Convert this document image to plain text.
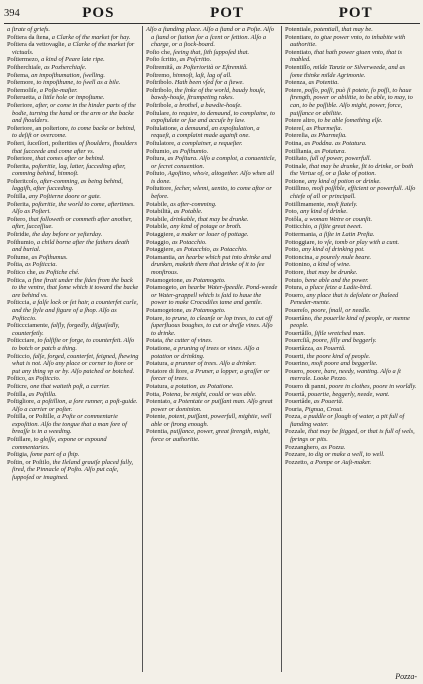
394	POS	POT	POT

a ſtrate of griefs.

Poſtiera da ſtena, a Clarke of the market for hay.

Poſtiera da vettovaglie, a Clarke of the market for victuals.

Poſtiermezo, a kind of Peare late ripe.

Poſtherchiaſe, as Pozherchiaſe.

Poſtema, an impoſthumation, ſwelling.

Poſtemore, to impoſthume, to ſwell as a bile.

Poſtemoſiſe, a Poſte-maſter.

Poſteruetta, a little hole or impoſtume.

Poſteriore, after, or come in the hinder parts of the bodie, turning the hand or the arm or the backe and ſhoulders.

Poſteriore, an poſteriore, to come backe or behind, to deſiſt or overcome.

Poſteri, ſuceſſori, poſterities of ſhoulders, ſhoulders that ſucceede and come after vs.

Poſteriore, that comes after or behind.

Poſterita, poſteritie, lag, latter, ſucceding after, comming behind, hinmoſt.

Poſteritcoſo, after-comming, as being behind, laggiſh, after ſucceding.

Poſtilla, any Poſtierne doore or gate.

Poſterita, poſteritie, the world to come, aftertimes. Alſo as Poſteri.

Poſtero, that followeth or commeth after another, after, ſucceſſiue.

Poſtridie, the day before or yeſterday.

Poſthumio, a child borne after the fathers death and burial.

Poſtume, as Poſthumus.

Poſtia, as Poſticcia.

Poſtico che, as Poſtiche ché.

Poſtica, a fine ſtrait under the ſides from the back to the ventre, that ſome which it toward the backe are behind vs.

Poſticcia, a falſe lock or ſet hair, a counterfet curle, and the ſtyle and figure of a ſhop. Alſo as Poſticcio.

Poſticcciamente, falſly, forgedly, diſguiſedly, counterfetly.

Poſticciare, to falſifie or forge, to counterfeit. Alſo to botch or patch a thing.

Poſticcio, falſe, forged, counterfet, feigned, ſhewing what is not. Alſo any place or corner to ſtore or put any thing vp or by. Alſo patched or botched.

Poſtico, as Poſticcio.

Poſticre, one that waiteth poſt, a carrier.

Poſtilla, as Poſtilla.

Poſtigliore, a poſtillion, a ſore runner, a poſt-guide. Alſo a carrier or poſter.

Poſtilla, or Poſtille, a Poſte or commentarie expoſition. Alſo the tongue that a man ſore of breaſſe is in a weeding.

Poſtillare, to gloſſe, expone or expound commentaries.

Poſtigia, ſome part of a ſhip.

Poſtin, or Poſtilo, the Ileland grauiſe placed fully, ſired, the Pinnacle of Poſto. Alſo put caſe, ſuppoſed or imagined.

Alſo a ſtanding place. Alſo a ſtand or a Poſte. Alſo a ſtand or ſtation ſor a ſcent or ſettion. Alſo a charge, or a ſtock-board.

Poſto che, ſeeing that, ſith ſuppoſed that.

Poſto ſcritto, as Poſcritto.

Poſtremitâ, as Poſteriorità or Eſtremitâ.

Poſtremo, hinmoſt, laſt, lag of all.

Poſtribolo. Hath been vſed for a ſtewe.

Poſtribolo, the ſinke of the world, baudy houſe, bawdy-houſe, ſtrumpeting rakes.

Poſtribole, a brothel, a bawdie-houſe.

Poſtulare, to require, to demaund, to complaine, to expoſtulate or ſue and accuſe by law.

Poſtulatione, a demaund, an expoſtulation, a requeſt, a complaint made againſt one.

Poſtulatore, a complainer, a requeſter.

Poſtumio, as Poſthumio.

Poſtura, as Poſitura. Alſo a complot, a conuenticle, or ſecret conuention.

Poſtuto, Agoſtino, who/e, altogether. Alſo when all is done.

Poſtuttore, ſecher, wlemi, uenito, to come aftor or before.

Potabile, as after-comming.

Potabilità, as Potable.

Potabile, drinkable, that may be drunke.

Potabile, any kind of potage or broth.

Potaggiere, a maker or louer of pottage.

Potaggio, as Potacchio.

Potaggiere, as Potacchio, as Potacchio.

Potamantia, an hearbe which put into drinke and drunken, maketh them that drinke of it to ſee monſtrous.

Potamogetone, as Potamogeto.

Potamogeto, an hearbe Water-ſpeedle. Pond-weede or Water-grappell which is ſaid to haue the power to make Crocodiles tame and gentle.

Potamogetone, as Potamogeto.

Potare, to prune, to cleanſe or lop trees, to cut off ſuperfluous boughes, to cut or dreſſe vines. Alſo to drinke.

Potata, the cutter of vines.

Potatione, a pruning of trees or vines. Alſo a potation or drinking.

Potatura, a prunner of trees. Alſo a drinker.

Potatore di ſtore, a Pruner, a lopper, a graſſer or forcer of trees.

Potatura, a potation, as Potatione.

Potta, Potena, be might, could or was able.

Potentato, a Potentate or puiſſant man. Alſo great power or dominion.

Potente, potent, puiſſant, powerfull, mightie, well able or ſtrong enough.

Potentia, puiſſance, power, great ſtrength, might, force or authoritie.

Potentiale, potentiall, that may be.

Potentiare, to giue power vnto, to inhabite with authoritie.

Potentiato, that hath power giuen vnto, that is inabled.

Potentiſſo, milde Tanzie or Silverweede, and as ſome thinke milde Agrimonie.

Potenza, as Potentia.

Potere, poſſo, poſſi, può ſi potete, ſo poſſi, to haue ſtrength, power or abilitie, to be able, to may, to can, to be poſſible. Alſo might, power, force, puiſſance or abilitie.

Potere altro, to be able ſomething elſe.

Potereſ, as Pharmeſia.

Potereſia, as Pharmeſia.

Potina, as Poddna. as Potatura.

Potiſſtania, as Potatura.

Potiſtato, ſull of power, powerfull.

Potinale, that may be drunke, fit to drinke, or both the Vertue of, or a ſlake of potion.

Potione, any kind of potion or drinke.

Potiſſimo, moſt poſſible, efficient or powerfull. Alſo chiefe of all or principall.

Potiſſimamente, moſt ſtately.

Poto, any kind of drinke.

Potôla, a woman Wetre or counſit.

Potticchio, a ſiſtie great tweet.

Pottermania, a ſiſte in Latin Preſta.

Pottoggiare, to vſe, tomb or play with a cunt.

Potto, any kind of drinking pot.

Pottoncina, a pourely mule beare.

Pottonino, a kind of wine.

Pottore, that may be drunke.

Potuto, bene able and the power.

Potura, a pluce ſeize a Ladie-bird.

Pouero, any place that is deſolate or ſhaleed Peneder-mente.

Pouereſo, poore, ſmall, or needle.

Pouertâno, the pouerlie kind of people, or menne people.

Pouertâſſo, ſiſtle wretched man.

Pouercſiâ, poore, ſilly and beggerly.

Pouertâzza, as Pouertâ.

Pouerti, the poore kind of people.

Pouerino, moſt poore and beggerlie.

Pouero, poore, bare, needy, wanting. Alſo a ſt merrale. Looke Pezzo.

Pouero di panni, poore in clothes, poore in worldly.

Pouertâ, pouertie, beggerly, neede, want.

Pouertâde, as Pouertâ.

Pouria, Pignua, Crout.

Pozza, a puddle or ſlough of water, a pit full of ſtanding water.

Pozzale, that may be ſtigged, or that is full of wels, ſprings or pits.

Pozzanghero, as Pozza.

Pozzare, to dig or make a well, to well.

Pozzetto, a Pompe or Auſt-maker.

Pozza-
